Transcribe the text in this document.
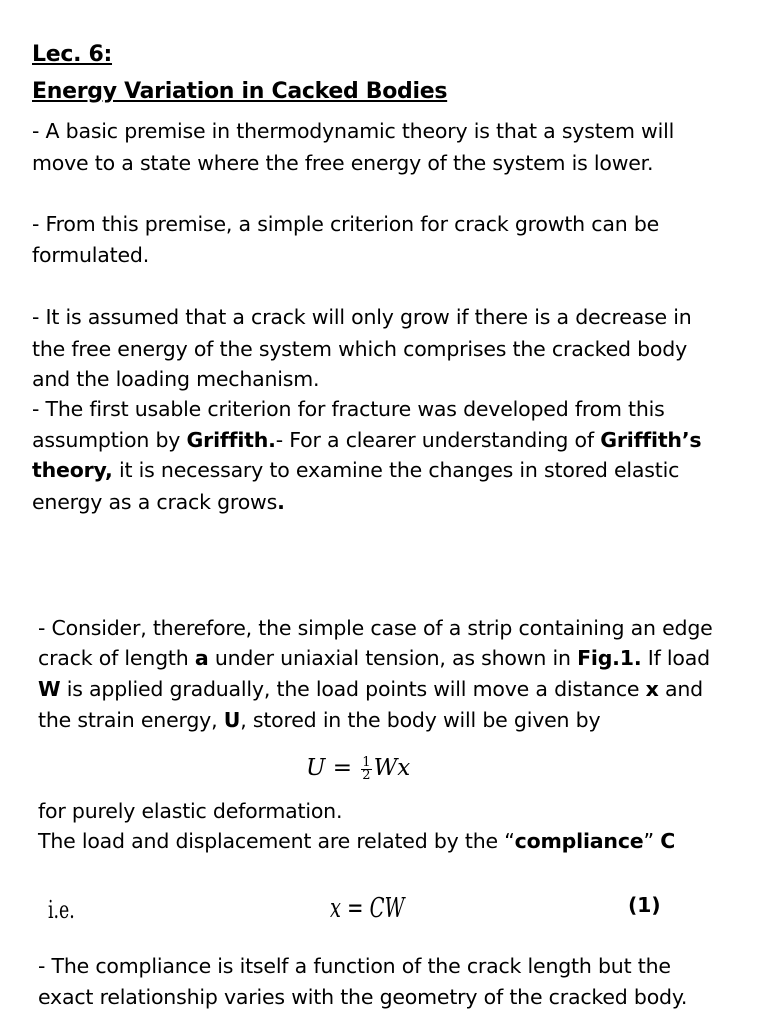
Lec. 6:
Energy Variation in Cacked Bodies
- A basic premise in thermodynamic theory is that a system will
move to a state where the free energy of the system is lower.
- From this premise, a simple criterion for crack growth can be
formulated.
- It is assumed that a crack will only grow if there is a decrease in
the free energy of the system which comprises the cracked body
and the loading mechanism.
- The first usable criterion for fracture was developed from this
assumption by Griffith.- For a clearer understanding of Griffith’s
theory, it is necessary to examine the changes in stored elastic
energy as a crack grows.
- Consider, therefore, the simple case of a strip containing an edge
crack of length a under uniaxial tension, as shown in Fig.1. If load
W is applied gradually, the load points will move a distance x and
the strain energy, U, stored in the body will be given by
$U = \frac{1}{2}$ Wx
for purely elastic deformation.
The load and displacement are related by the “compliance” C
i.e.	x = CW	(1)
- The compliance is itself a function of the crack length but the
exact relationship varies with the geometry of the cracked body.
